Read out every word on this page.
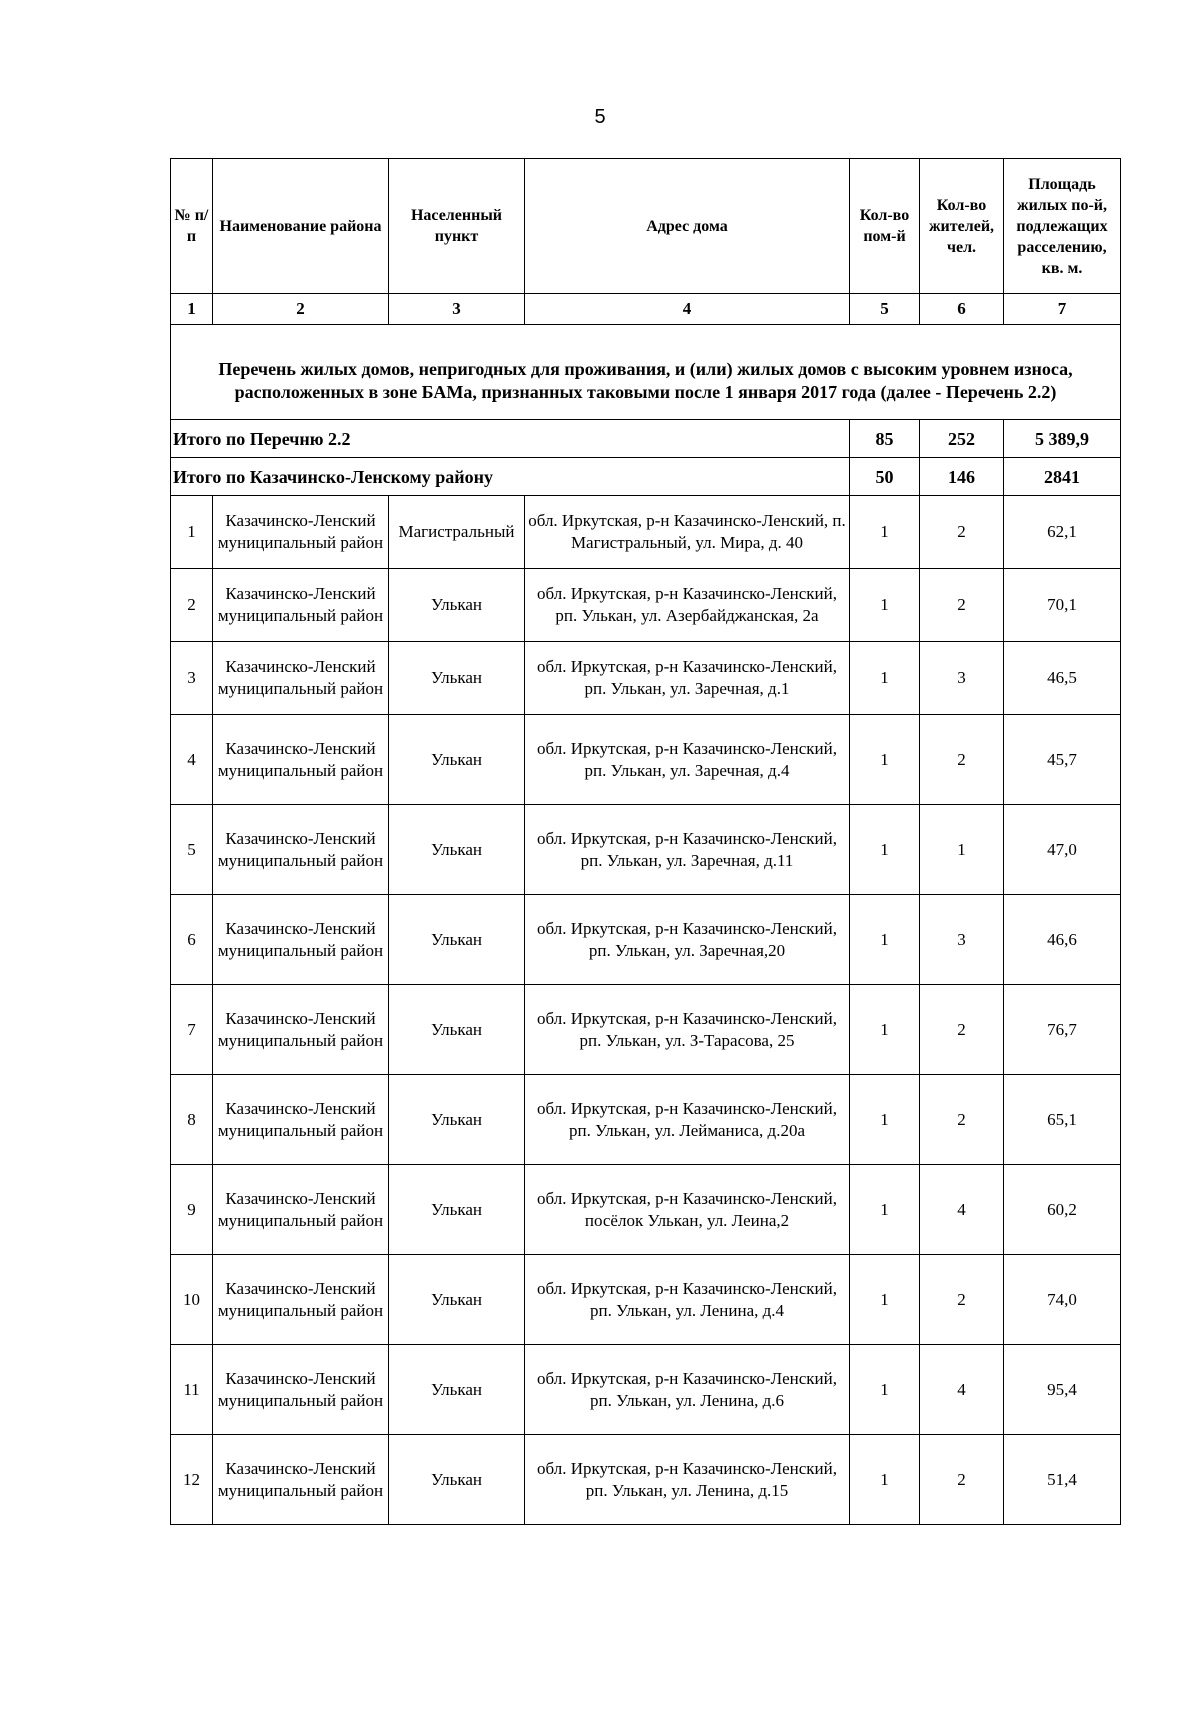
5
№ п/п	Наименование района	Населенный пункт	Адрес дома	Кол-во пом-й	Кол-во жителей, чел.	Площадь жилых по-й, подлежащих расселению, кв. м.
1	2	3	4	5	6	7

Перечень жилых домов, непригодных для проживания, и (или) жилых домов с высоким уровнем износа, расположенных в зоне БАМа, признанных таковыми после 1 января 2017 года (далее - Перечень 2.2)						
Итого по Перечню 2.2				85	252	5 389,9
Итого по Казачинско-Ленскому району				50	146	2841
1	Казачинско-Ленский муниципальный район	Магистральный	обл. Иркутская, р-н Казачинско-Ленский, п. Магистральный, ул. Мира, д. 40	1	2	62,1
2	Казачинско-Ленский муниципальный район	Улькан	обл. Иркутская, р-н Казачинско-Ленский, рп. Улькан, ул. Азербайджанская, 2а	1	2	70,1
3	Казачинско-Ленский муниципальный район	Улькан	обл. Иркутская, р-н Казачинско-Ленский, рп. Улькан, ул. Заречная, д.1	1	3	46,5
4	Казачинско-Ленский муниципальный район	Улькан	обл. Иркутская, р-н Казачинско-Ленский, рп. Улькан, ул. Заречная, д.4	1	2	45,7
5	Казачинско-Ленский муниципальный район	Улькан	обл. Иркутская, р-н Казачинско-Ленский, рп. Улькан, ул. Заречная, д.11	1	1	47,0
6	Казачинско-Ленский муниципальный район	Улькан	обл. Иркутская, р-н Казачинско-Ленский, рп. Улькан, ул. Заречная,20	1	3	46,6
7	Казачинско-Ленский муниципальный район	Улькан	обл. Иркутская, р-н Казачинско-Ленский, рп. Улькан, ул. З-Тарасова, 25	1	2	76,7
8	Казачинско-Ленский муниципальный район	Улькан	обл. Иркутская, р-н Казачинско-Ленский, рп. Улькан, ул. Лейманиса, д.20а	1	2	65,1
9	Казачинско-Ленский муниципальный район	Улькан	обл. Иркутская, р-н Казачинско-Ленский, посёлок Улькан, ул. Леина,2	1	4	60,2
10	Казачинско-Ленский муниципальный район	Улькан	обл. Иркутская, р-н Казачинско-Ленский, рп. Улькан, ул. Ленина, д.4	1	2	74,0
11	Казачинско-Ленский муниципальный район	Улькан	обл. Иркутская, р-н Казачинско-Ленский, рп. Улькан, ул. Ленина, д.6	1	4	95,4
12	Казачинско-Ленский муниципальный район	Улькан	обл. Иркутская, р-н Казачинско-Ленский, рп. Улькан, ул. Ленина, д.15	1	2	51,4
